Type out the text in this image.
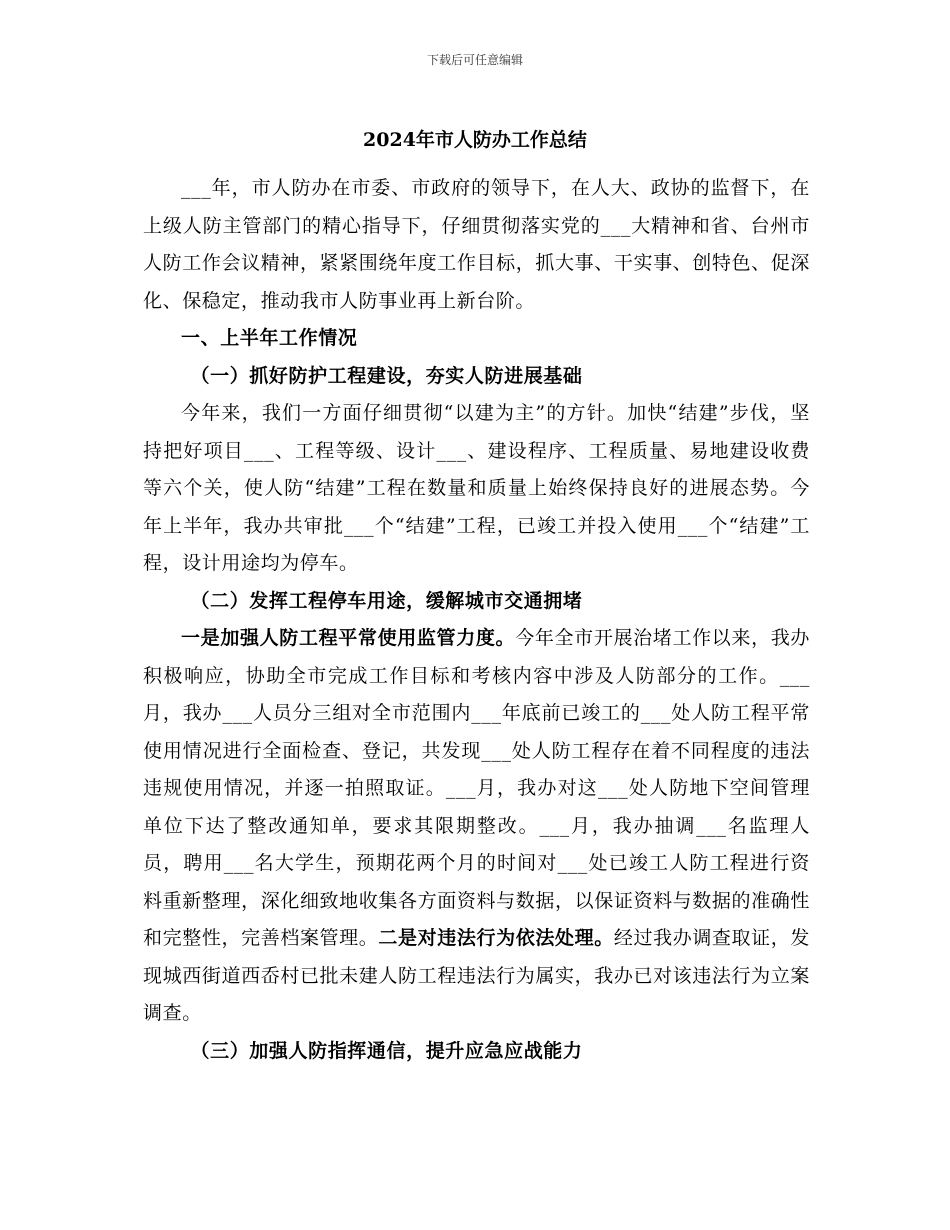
下载后可任意编辑
2024年市人防办工作总结

___年，市人防办在市委、市政府的领导下，在人大、政协的监督下，在上级人防主管部门的精心指导下，仔细贯彻落实党的___大精神和省、台州市人防工作会议精神，紧紧围绕年度工作目标，抓大事、干实事、创特色、促深化、保稳定，推动我市人防事业再上新台阶。

一、上半年工作情况

（一）抓好防护工程建设，夯实人防进展基础

今年来，我们一方面仔细贯彻“以建为主”的方针。加快“结建”步伐，坚持把好项目___、工程等级、设计___、建设程序、工程质量、易地建设收费等六个关，使人防“结建”工程在数量和质量上始终保持良好的进展态势。今年上半年，我办共审批___个“结建”工程，已竣工并投入使用___个“结建”工程，设计用途均为停车。

（二）发挥工程停车用途，缓解城市交通拥堵

一是加强人防工程平常使用监管力度。今年全市开展治堵工作以来，我办积极响应，协助全市完成工作目标和考核内容中涉及人防部分的工作。___月，我办___人员分三组对全市范围内___年底前已竣工的___处人防工程平常使用情况进行全面检查、登记，共发现___处人防工程存在着不同程度的违法违规使用情况，并逐一拍照取证。___月，我办对这___处人防地下空间管理单位下达了整改通知单，要求其限期整改。___月，我办抽调___名监理人员，聘用___名大学生，预期花两个月的时间对___处已竣工人防工程进行资料重新整理，深化细致地收集各方面资料与数据，以保证资料与数据的准确性和完整性，完善档案管理。二是对违法行为依法处理。经过我办调查取证，发现城西街道西岙村已批未建人防工程违法行为属实，我办已对该违法行为立案调查。

（三）加强人防指挥通信，提升应急应战能力
